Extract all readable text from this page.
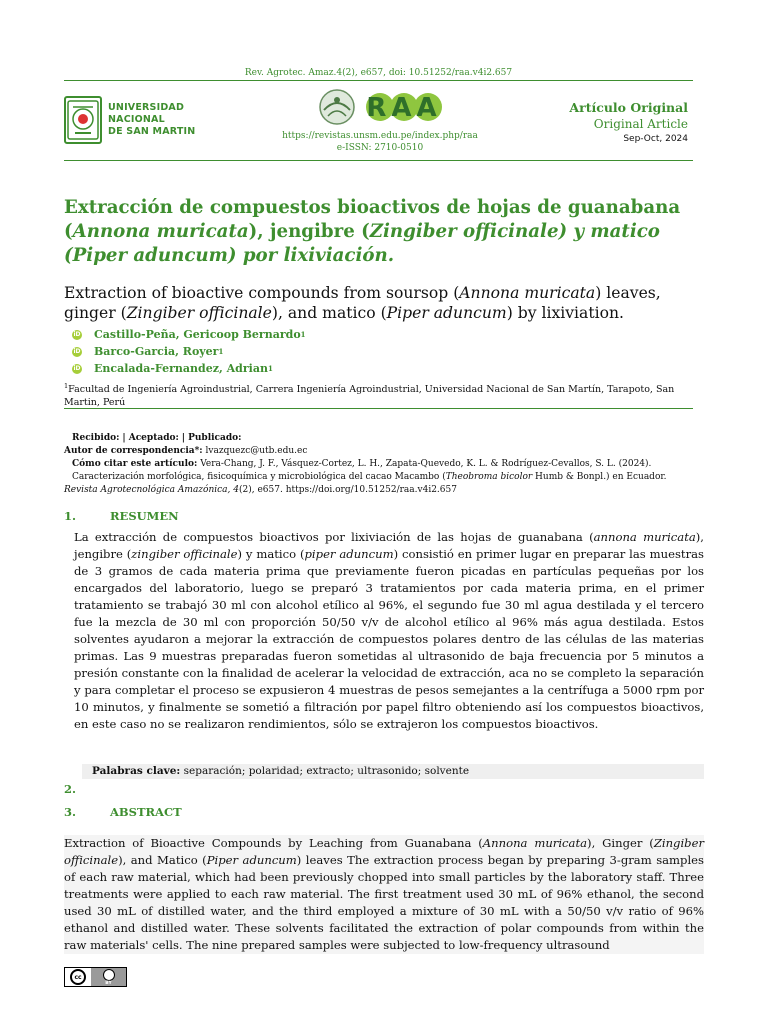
Rev. Agrotec. Amaz.4(2), e657, doi: 10.51252/raa.v4i2.657
UNIVERSIDAD NACIONAL
DE SAN MARTIN
RAA
https://revistas.unsm.edu.pe/index.php/raa
e-ISSN: 2710-0510
Artículo Original
Original Article
Sep-Oct, 2024
Extracción de compuestos bioactivos de hojas de guanabana (Annona muricata), jengibre (Zingiber officinale) y matico (Piper aduncum) por lixiviación.
Extraction of bioactive compounds from soursop (Annona muricata) leaves, ginger (Zingiber officinale), and matico (Piper aduncum) by lixiviation.
iD Castillo-Peña, Gericoop Bernardo 1
iD Barco-Garcia, Royer 1
iD Encalada-Fernandez, Adrian 1
$^1$Facultad de Ingeniería Agroindustrial, Carrera Ingeniería Agroindustrial, Universidad Nacional de San Martín, Tarapoto, San Martin, Perú
Recibido: | Aceptado: | Publicado:
Autor de correspondencia*: lvazquezc@utb.edu.ec
Cómo citar este artículo: Vera-Chang, J. F., Vásquez-Cortez, L. H., Zapata-Quevedo, K. L. & Rodríguez-Cevallos, S. L. (2024).
Caracterización morfológica, fisicoquímica y microbiológica del cacao Macambo (Theobroma bicolor Humb & Bonpl.) en Ecuador.
Revista Agrotecnológica Amazónica, 4(2), e657. https://doi.org/10.51252/raa.v4i2.657
1.	RESUMEN
La extracción de compuestos bioactivos por lixiviación de las hojas de guanabana (annona muricata), jengibre (zingiber officinale) y matico (piper aduncum) consistió en primer lugar en preparar las muestras de 3 gramos de cada materia prima que previamente fueron picadas en partículas pequeñas por los encargados del laboratorio, luego se preparó 3 tratamientos por cada materia prima, en el primer tratamiento se trabajó 30 ml con alcohol etílico al 96%, el segundo fue 30 ml agua destilada y el tercero fue la mezcla de 30 ml con proporción 50/50 v/v de alcohol etílico al 96% más agua destilada. Estos solventes ayudaron a mejorar la extracción de compuestos polares dentro de las células de las materias primas. Las 9 muestras preparadas fueron sometidas al ultrasonido de baja frecuencia por 5 minutos a presión constante con la finalidad de acelerar la velocidad de extracción, aca no se completo la separación y para completar el proceso se expusieron 4 muestras de pesos semejantes a la centrífuga a 5000 rpm por 10 minutos, y finalmente se sometió a filtración por papel filtro obteniendo así los compuestos bioactivos, en este caso no se realizaron rendimientos, sólo se extrajeron los compuestos bioactivos.
Palabras clave: separación; polaridad; extracto; ultrasonido; solvente
2.
3.	ABSTRACT
Extraction of Bioactive Compounds by Leaching from Guanabana (Annona muricata), Ginger (Zingiber officinale), and Matico (Piper aduncum) leaves The extraction process began by preparing 3-gram samples of each raw material, which had been previously chopped into small particles by the laboratory staff. Three treatments were applied to each raw material. The first treatment used 30 mL of 96% ethanol, the second used 30 mL of distilled water, and the third employed a mixture of 30 mL with a 50/50 v/v ratio of 96% ethanol and distilled water. These solvents facilitated the extraction of polar compounds from within the raw materials' cells. The nine prepared samples were subjected to low-frequency ultrasound
cc
BY
